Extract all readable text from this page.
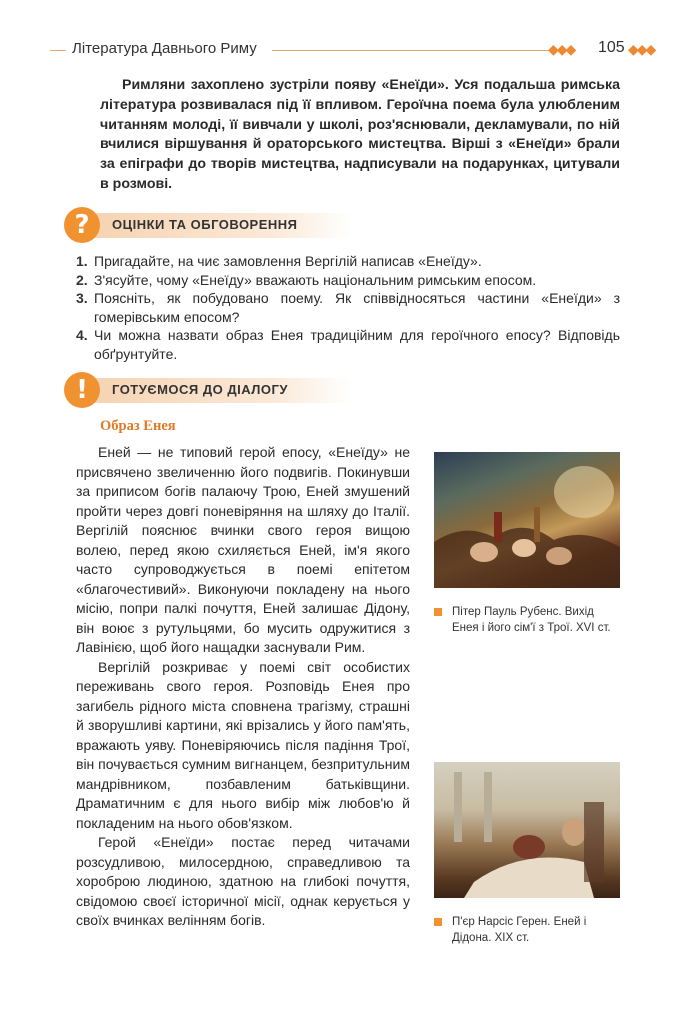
Література Давнього Риму	◆◆◆ 105 ◆◆◆

Римляни захоплено зустріли появу «Енеїди». Уся подальша римська література розвивалася під її впливом. Героїчна поема була улюбленим читанням молоді, її вивчали у школі, роз'яснювали, декламували, по ній вчилися віршування й ораторського мистецтва. Вірші з «Енеїди» брали за епіграфи до творів мистецтва, надписували на подарунках, цитували в розмові.

?	ОЦІНКИ ТА ОБГОВОРЕННЯ
1. Пригадайте, на чиє замовлення Вергілій написав «Енеїду».
2. З'ясуйте, чому «Енеїду» вважають національним римським епосом.
3. Поясніть, як побудовано поему. Як співвідносяться частини «Енеїди» з гомерівським епосом?
4. Чи можна назвати образ Енея традиційним для героїчного епосу? Відповідь обґрунтуйте.
!	ГОТУЄМОСЯ ДО ДІАЛОГУ
Образ Енея

Еней — не типовий герой епосу, «Енеїду» не присвячено звеличенню його подвигів. Покинувши за приписом богів палаючу Трою, Еней змушений пройти через довгі поневіряння на шляху до Італії. Вергілій пояснює вчинки свого героя вищою волею, перед якою схиляється Еней, ім'я якого часто супроводжується в поемі епітетом «благочестивий». Виконуючи покладену на нього місію, попри палкі почуття, Еней залишає Дідону, він воює з рутульцями, бо мусить одружитися з Лавінією, щоб його нащадки заснували Рим.

Вергілій розкриває у поемі світ особистих переживань свого героя. Розповідь Енея про загибель рідного міста сповнена трагізму, страшні й зворушливі картини, які врізались у його пам'ять, вражають уяву. Поневіряючись після падіння Трої, він почувається сумним вигнанцем, безпритульним мандрівником, позбавленим батьківщини. Драматичним є для нього вибір між любов'ю й покладеним на нього обов'язком.

Герой «Енеїди» постає перед читачами розсудливою, милосердною, справедливою та хороброю людиною, здатною на глибокі почуття, свідомою своєї історичної місії, однак керується у своїх вчинках велінням богів.

Пітер Пауль Рубенс. Вихід Енея і його сім'ї з Трої. XVI ст.
П'єр Нарсіс Герен. Еней і Дідона. XIX ст.
